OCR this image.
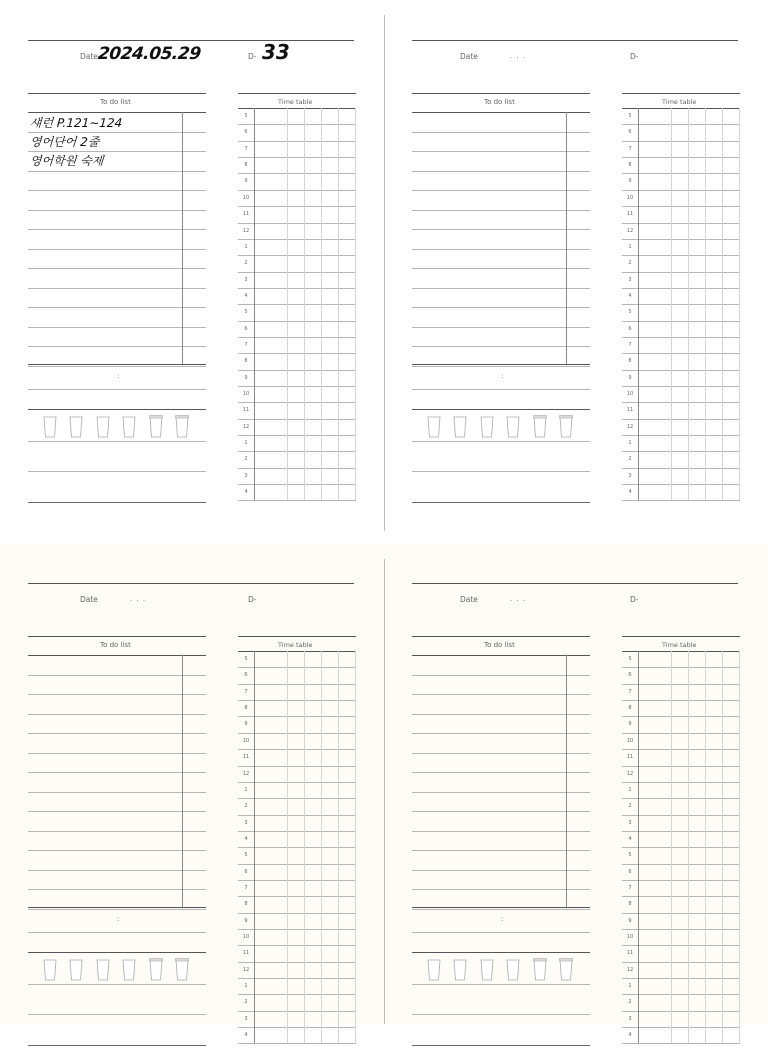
Date 2024.05.29	D- 33
To do list
섀런 P.121~124
영어단어 2줄
영어학원 숙제
:
Time table
5
6
7
8
9
10
11
12
1
2
3
4
5
6
7
8
9
10
11
12
1
2
3
4
Date	. . .	D-
To do list
:
Time table
5
6
7
8
9
10
11
12
1
2
3
4
5
6
7
8
9
10
11
12
1
2
3
4
Date	. . .	D-
To do list
:
Time table
5
6
7
8
9
10
11
12
1
2
3
4
5
6
7
8
9
10
11
12
1
2
3
4
Date	. . .	D-
To do list
:
Time table
5
6
7
8
9
10
11
12
1
2
3
4
5
6
7
8
9
10
11
12
1
2
3
4
